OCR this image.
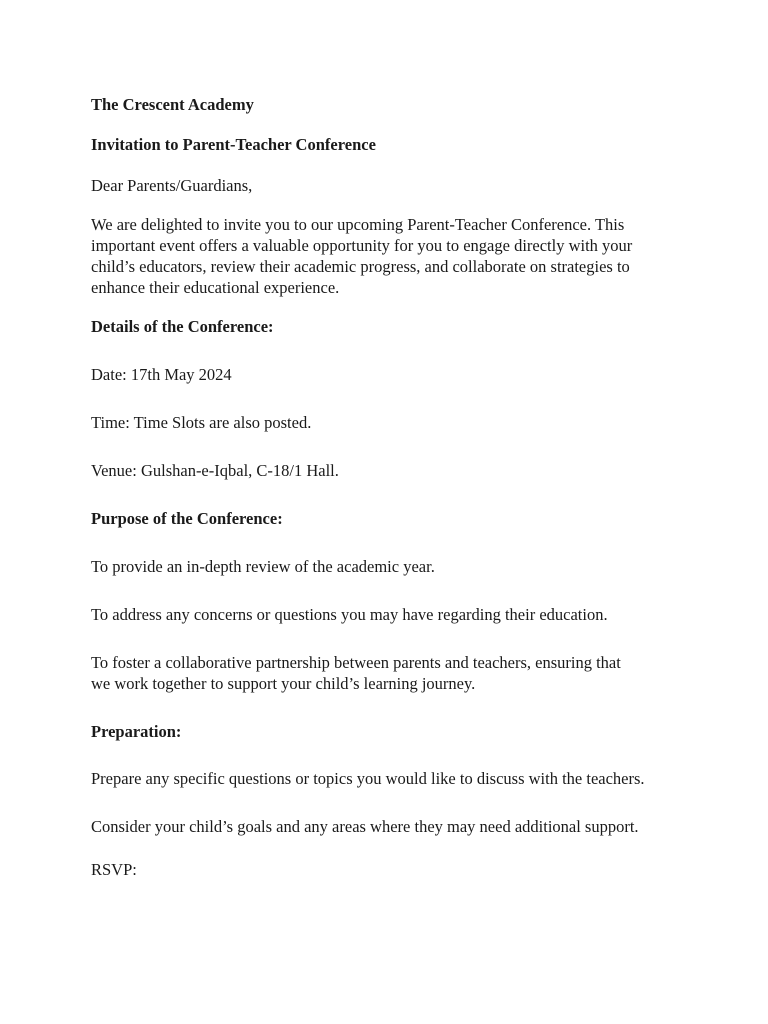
The Crescent Academy

Invitation to Parent-Teacher Conference

Dear Parents/Guardians,

We are delighted to invite you to our upcoming Parent-Teacher Conference. This

important event offers a valuable opportunity for you to engage directly with your

child’s educators, review their academic progress, and collaborate on strategies to

enhance their educational experience.

Details of the Conference:

Date: 17th May 2024

Time: Time Slots are also posted.

Venue: Gulshan-e-Iqbal, C-18/1 Hall.

Purpose of the Conference:

To provide an in-depth review of the academic year.

To address any concerns or questions you may have regarding their education.

To foster a collaborative partnership between parents and teachers, ensuring that

we work together to support your child’s learning journey.

Preparation:

Prepare any specific questions or topics you would like to discuss with the teachers.

Consider your child’s goals and any areas where they may need additional support.

RSVP:
